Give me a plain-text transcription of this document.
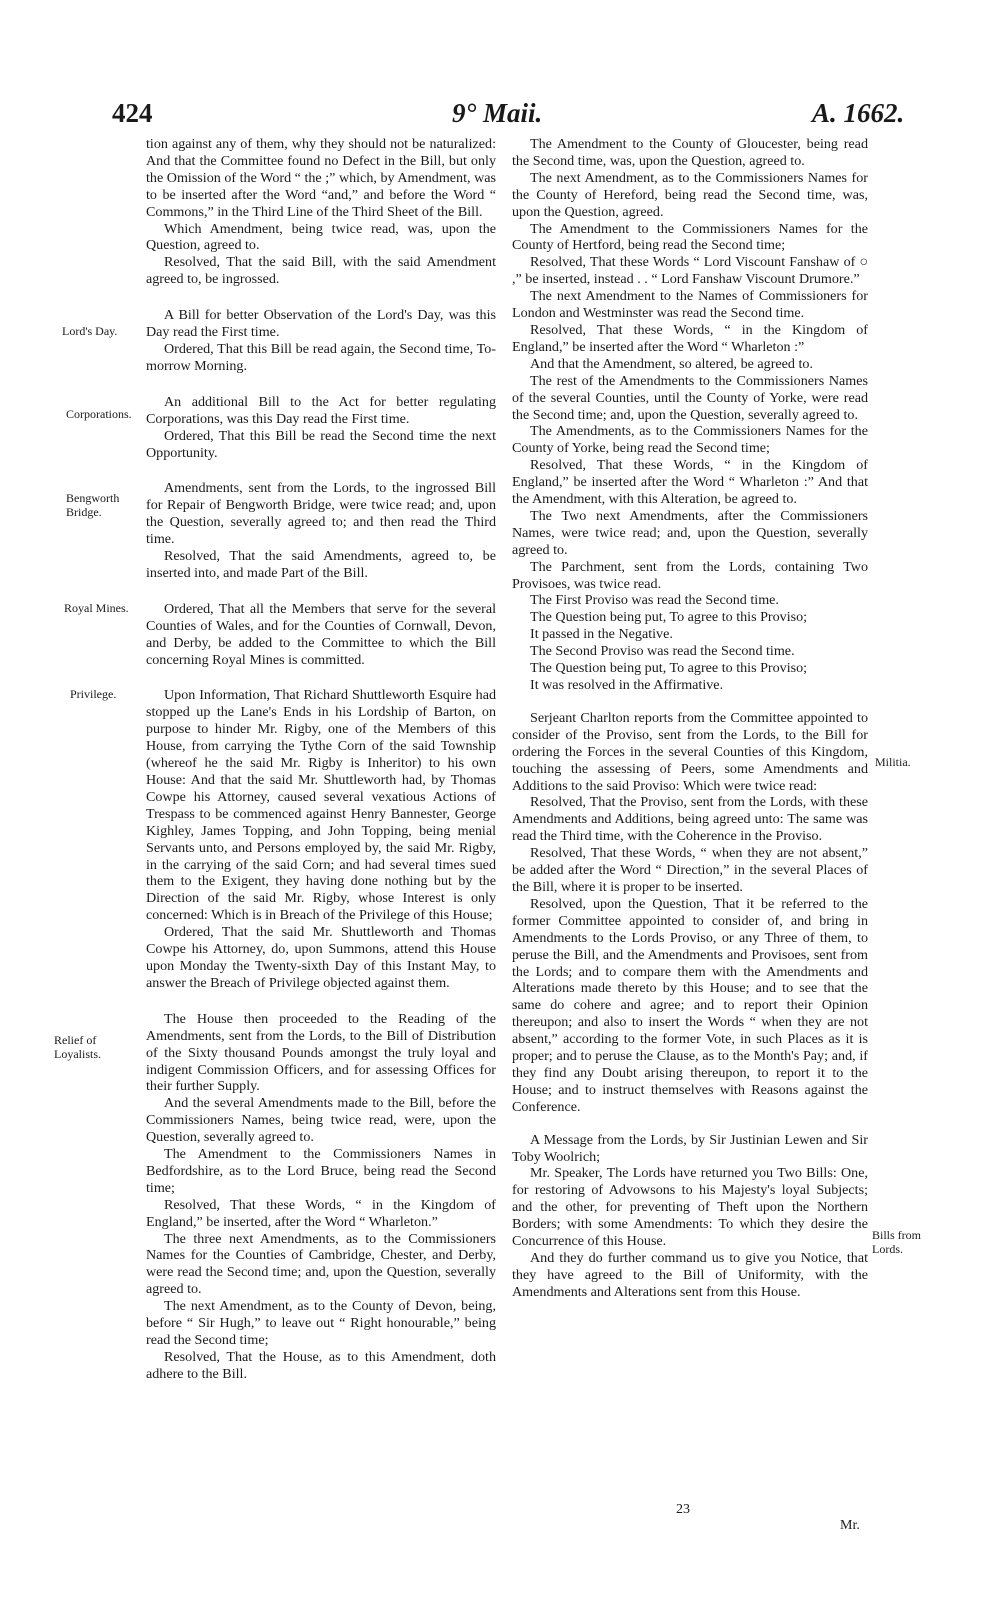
424	9° Maii.	A. 1662.
Lord's Day.
Corporations.
Bengworth Bridge.
Royal Mines.
Privilege.
Relief of Loyalists.
Militia.
Bills from Lords.

tion against any of them, why they should not be naturalized: And that the Committee found no Defect in the Bill, but only the Omission of the Word “ the ;” which, by Amendment, was to be inserted after the Word “and,” and before the Word “ Commons,” in the Third Line of the Third Sheet of the Bill.

Which Amendment, being twice read, was, upon the Question, agreed to.

Resolved, That the said Bill, with the said Amendment agreed to, be ingrossed.

A Bill for better Observation of the Lord's Day, was this Day read the First time.

Ordered, That this Bill be read again, the Second time, To-morrow Morning.

An additional Bill to the Act for better regulating Corporations, was this Day read the First time.

Ordered, That this Bill be read the Second time the next Opportunity.

Amendments, sent from the Lords, to the ingrossed Bill for Repair of Bengworth Bridge, were twice read; and, upon the Question, severally agreed to; and then read the Third time.

Resolved, That the said Amendments, agreed to, be inserted into, and made Part of the Bill.

Ordered, That all the Members that serve for the several Counties of Wales, and for the Counties of Cornwall, Devon, and Derby, be added to the Committee to which the Bill concerning Royal Mines is committed.

Upon Information, That Richard Shuttleworth Esquire had stopped up the Lane's Ends in his Lordship of Barton, on purpose to hinder Mr. Rigby, one of the Members of this House, from carrying the Tythe Corn of the said Township (whereof he the said Mr. Rigby is Inheritor) to his own House: And that the said Mr. Shuttleworth had, by Thomas Cowpe his Attorney, caused several vexatious Actions of Trespass to be commenced against Henry Bannester, George Kighley, James Topping, and John Topping, being menial Servants unto, and Persons employed by, the said Mr. Rigby, in the carrying of the said Corn; and had several times sued them to the Exigent, they having done nothing but by the Direction of the said Mr. Rigby, whose Interest is only concerned: Which is in Breach of the Privilege of this House;

Ordered, That the said Mr. Shuttleworth and Thomas Cowpe his Attorney, do, upon Summons, attend this House upon Monday the Twenty-sixth Day of this Instant May, to answer the Breach of Privilege objected against them.

The House then proceeded to the Reading of the Amendments, sent from the Lords, to the Bill of Distribution of the Sixty thousand Pounds amongst the truly loyal and indigent Commission Officers, and for assessing Offices for their further Supply.

And the several Amendments made to the Bill, before the Commissioners Names, being twice read, were, upon the Question, severally agreed to.

The Amendment to the Commissioners Names in Bedfordshire, as to the Lord Bruce, being read the Second time;

Resolved, That these Words, “ in the Kingdom of England,” be inserted, after the Word “ Wharleton.”

The three next Amendments, as to the Commissioners Names for the Counties of Cambridge, Chester, and Derby, were read the Second time; and, upon the Question, severally agreed to.

The next Amendment, as to the County of Devon, being, before “ Sir Hugh,” to leave out “ Right honourable,” being read the Second time;

Resolved, That the House, as to this Amendment, doth adhere to the Bill.

The Amendment to the County of Gloucester, being read the Second time, was, upon the Question, agreed to.

The next Amendment, as to the Commissioners Names for the County of Hereford, being read the Second time, was, upon the Question, agreed.

The Amendment to the Commissioners Names for the County of Hertford, being read the Second time;

Resolved, That these Words “ Lord Viscount Fanshaw of ○ ,” be inserted, instead . . “ Lord Fanshaw Viscount Drumore.”

The next Amendment to the Names of Commissioners for London and Westminster was read the Second time.

Resolved, That these Words, “ in the Kingdom of England,” be inserted after the Word “ Wharleton :”

And that the Amendment, so altered, be agreed to.

The rest of the Amendments to the Commissioners Names of the several Counties, until the County of Yorke, were read the Second time; and, upon the Question, severally agreed to.

The Amendments, as to the Commissioners Names for the County of Yorke, being read the Second time;

Resolved, That these Words, “ in the Kingdom of England,” be inserted after the Word “ Wharleton :” And that the Amendment, with this Alteration, be agreed to.

The Two next Amendments, after the Commissioners Names, were twice read; and, upon the Question, severally agreed to.

The Parchment, sent from the Lords, containing Two Provisoes, was twice read.

The First Proviso was read the Second time.

The Question being put, To agree to this Proviso;

It passed in the Negative.

The Second Proviso was read the Second time.

The Question being put, To agree to this Proviso;

It was resolved in the Affirmative.

Serjeant Charlton reports from the Committee appointed to consider of the Proviso, sent from the Lords, to the Bill for ordering the Forces in the several Counties of this Kingdom, touching the assessing of Peers, some Amendments and Additions to the said Proviso: Which were twice read:

Resolved, That the Proviso, sent from the Lords, with these Amendments and Additions, being agreed unto: The same was read the Third time, with the Coherence in the Proviso.

Resolved, That these Words, “ when they are not absent,” be added after the Word “ Direction,” in the several Places of the Bill, where it is proper to be inserted.

Resolved, upon the Question, That it be referred to the former Committee appointed to consider of, and bring in Amendments to the Lords Proviso, or any Three of them, to peruse the Bill, and the Amendments and Provisoes, sent from the Lords; and to compare them with the Amendments and Alterations made thereto by this House; and to see that the same do cohere and agree; and to report their Opinion thereupon; and also to insert the Words “ when they are not absent,” according to the former Vote, in such Places as it is proper; and to peruse the Clause, as to the Month's Pay; and, if they find any Doubt arising thereupon, to report it to the House; and to instruct themselves with Reasons against the Conference.

A Message from the Lords, by Sir Justinian Lewen and Sir Toby Woolrich;

Mr. Speaker, The Lords have returned you Two Bills: One, for restoring of Advowsons to his Majesty's loyal Subjects; and the other, for preventing of Theft upon the Northern Borders; with some Amendments: To which they desire the Concurrence of this House.

And they do further command us to give you Notice, that they have agreed to the Bill of Uniformity, with the Amendments and Alterations sent from this House.

23
Mr.
